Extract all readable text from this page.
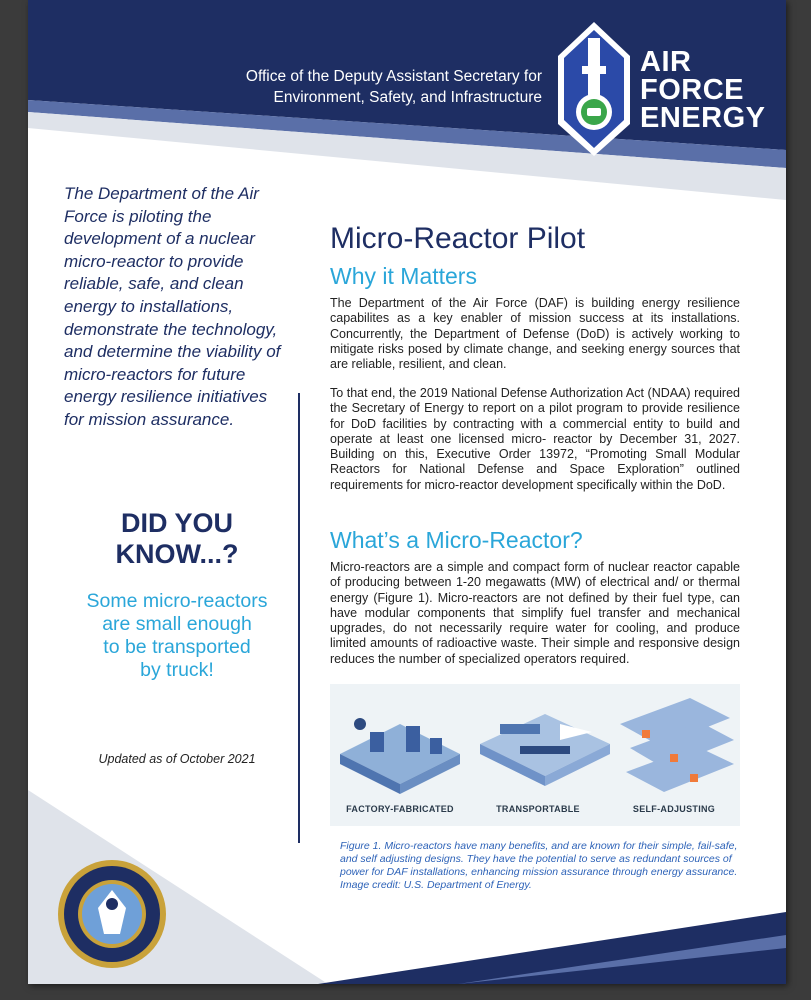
Office of the Deputy Assistant Secretary for
Environment, Safety, and Infrastructure
AIR
FORCE
ENERGY
The Department of the Air Force is piloting the development of a nuclear micro-reactor to provide reliable, safe, and clean energy to installations, demonstrate the technology, and determine the viability of micro-reactors for future energy resilience initiatives for mission assurance.
DID YOU
KNOW...?
Some micro-reactors
are small enough
to be transported
by truck!
Updated as of October 2021
Micro-Reactor Pilot
Why it Matters
The Department of the Air Force (DAF) is building energy resilience capabilites as a key enabler of mission success at its installations. Concurrently, the Department of Defense (DoD) is actively working to mitigate risks posed by climate change, and seeking energy sources that are reliable, resilient, and clean.
To that end, the 2019 National Defense Authorization Act (NDAA) required the Secretary of Energy to report on a pilot program to provide resilience for DoD facilities by contracting with a commercial entity to build and operate at least one licensed micro- reactor by December 31, 2027. Building on this, Executive Order 13972, “Promoting Small Modular Reactors for National Defense and Space Exploration” outlined requirements for micro-reactor development specifically within the DoD.
What’s a Micro-Reactor?
Micro-reactors are a simple and compact form of nuclear reactor capable of producing between 1-20 megawatts (MW) of electrical and/ or thermal energy (Figure 1). Micro-reactors are not defined by their fuel type, can have modular components that simplify fuel transfer and mechanical upgrades, do not necessarily require water for cooling, and produce limited amounts of radioactive waste. Their simple and responsive design reduces the number of specialized operators required.
FACTORY-FABRICATED	TRANSPORTABLE	SELF-ADJUSTING
Figure 1. Micro-reactors have many benefits, and are known for their simple, fail-safe, and self adjusting designs. They have the potential to serve as redundant sources of power for DAF installations, enhancing mission assurance through energy assurance. Image credit: U.S. Department of Energy.
